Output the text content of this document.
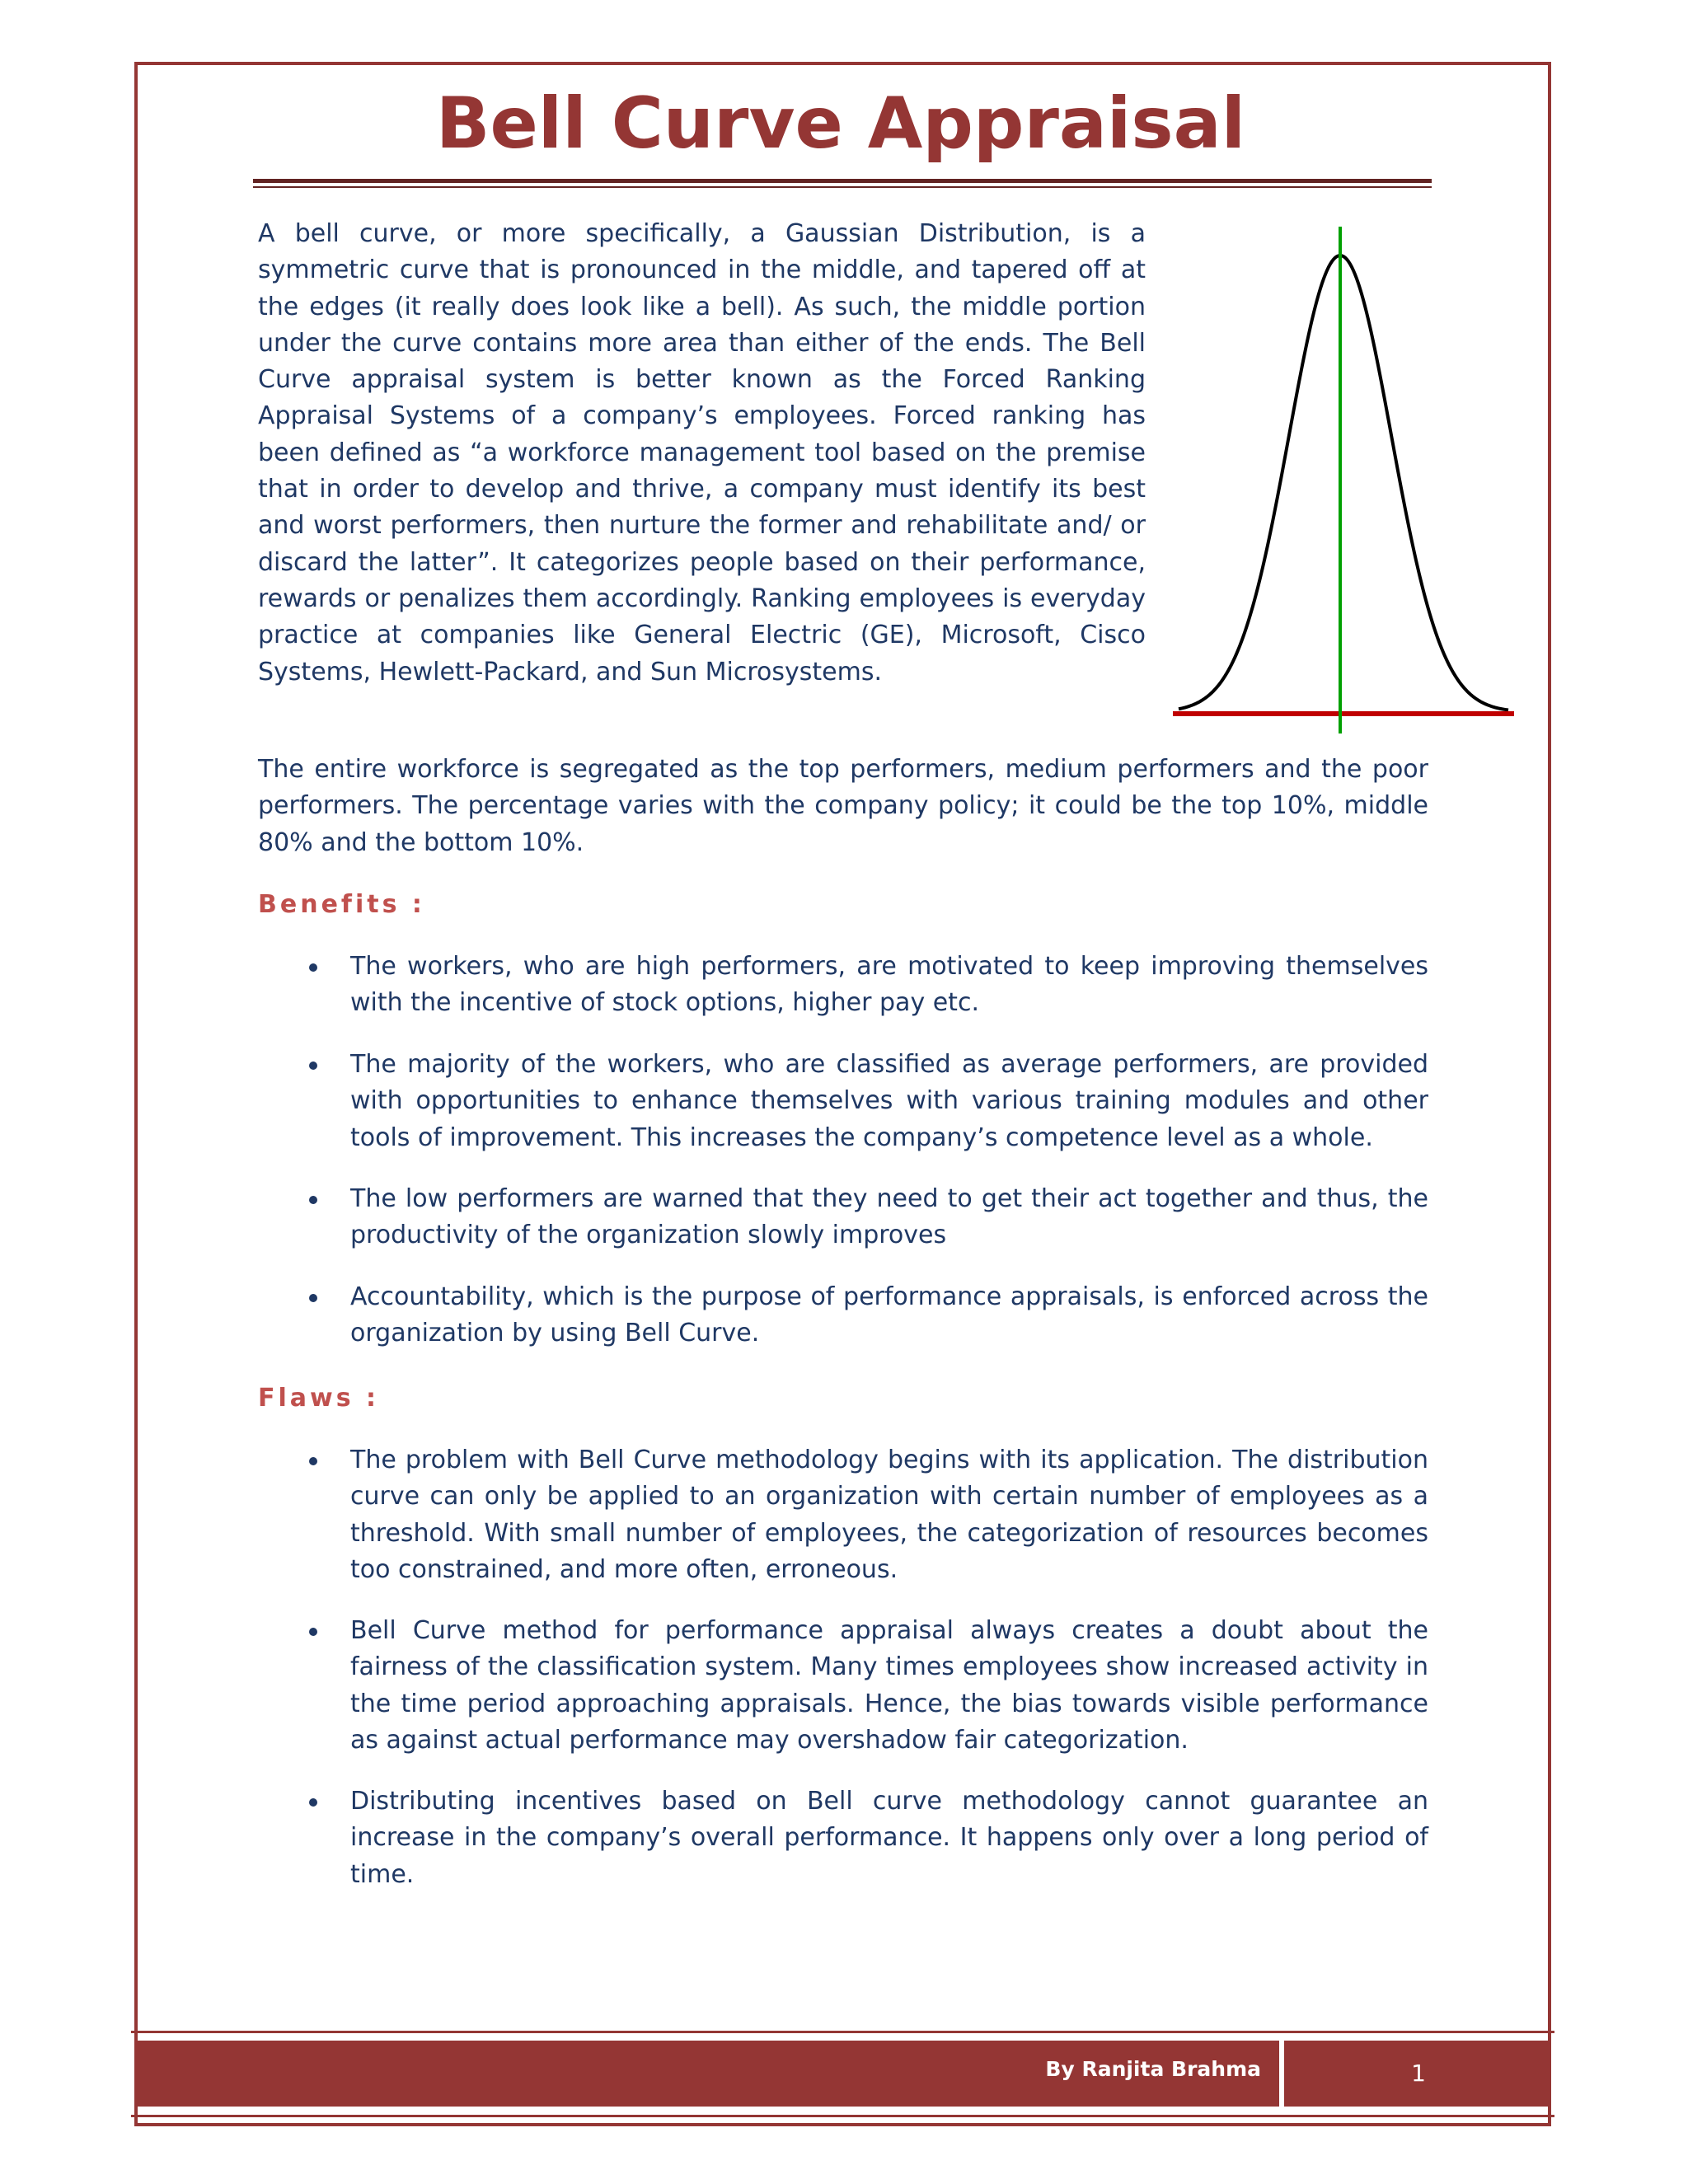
Bell Curve Appraisal

A bell curve, or more specifically, a Gaussian Distribution, is a symmetric curve that is pronounced in the middle, and tapered off at the edges (it really does look like a bell). As such, the middle portion under the curve contains more area than either of the ends. The Bell Curve appraisal system is better known as the Forced Ranking Appraisal Systems of a company’s employees. Forced ranking has been defined as “a workforce management tool based on the premise that in order to develop and thrive, a company must identify its best and worst performers, then nurture the former and rehabilitate and/ or discard the latter”. It categorizes people based on their performance, rewards or penalizes them accordingly. Ranking employees is everyday practice at companies like General Electric (GE), Microsoft, Cisco Systems, Hewlett-Packard, and Sun Microsystems.

The entire workforce is segregated as the top performers, medium performers and the poor performers. The percentage varies with the company policy; it could be the top 10%, middle 80% and the bottom 10%.

Benefits :

The workers, who are high performers, are motivated to keep improving themselves with the incentive of stock options, higher pay etc.

The majority of the workers, who are classified as average performers, are provided with opportunities to enhance themselves with various training modules and other tools of improvement. This increases the company’s competence level as a whole.

The low performers are warned that they need to get their act together and thus, the productivity of the organization slowly improves

Accountability, which is the purpose of performance appraisals, is enforced across the organization by using Bell Curve.

Flaws :

The problem with Bell Curve methodology begins with its application. The distribution curve can only be applied to an organization with certain number of employees as a threshold. With small number of employees, the categorization of resources becomes too constrained, and more often, erroneous.

Bell Curve method for performance appraisal always creates a doubt about the fairness of the classification system. Many times employees show increased activity in the time period approaching appraisals. Hence, the bias towards visible performance as against actual performance may overshadow fair categorization.

Distributing incentives based on Bell curve methodology cannot guarantee an increase in the company’s overall performance. It happens only over a long period of time.

By Ranjita Brahma	1
